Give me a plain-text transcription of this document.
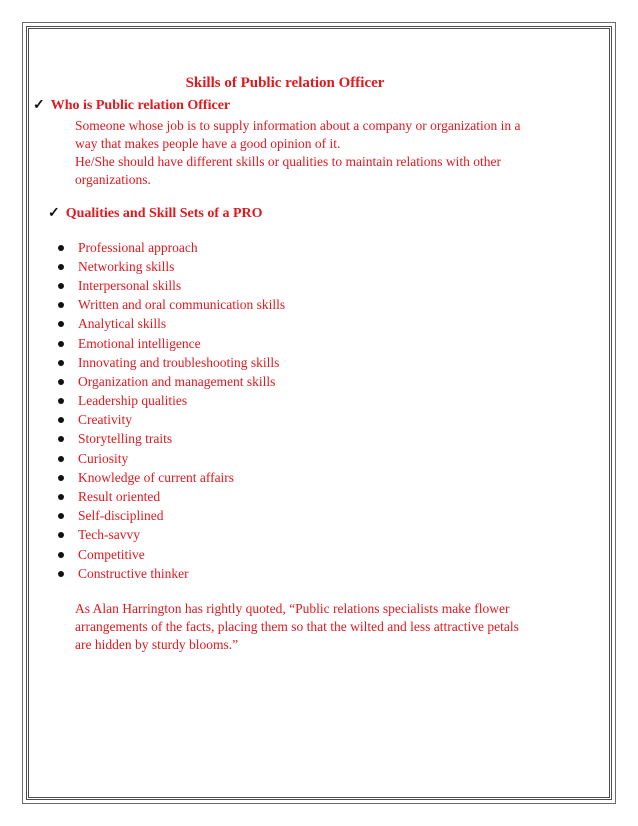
Skills of Public relation Officer
✓ Who is Public relation Officer
Someone whose job is to supply information about a company or organization in a
way that makes people have a good opinion of it.
He/She should have different skills or qualities to maintain relations with other
organizations.
✓ Qualities and Skill Sets of a PRO
Professional approach
Networking skills
Interpersonal skills
Written and oral communication skills
Analytical skills
Emotional intelligence
Innovating and troubleshooting skills
Organization and management skills
Leadership qualities
Creativity
Storytelling traits
Curiosity
Knowledge of current affairs
Result oriented
Self-disciplined
Tech-savvy
Competitive
Constructive thinker
As Alan Harrington has rightly quoted, “Public relations specialists make flower
arrangements of the facts, placing them so that the wilted and less attractive petals
are hidden by sturdy blooms.”
